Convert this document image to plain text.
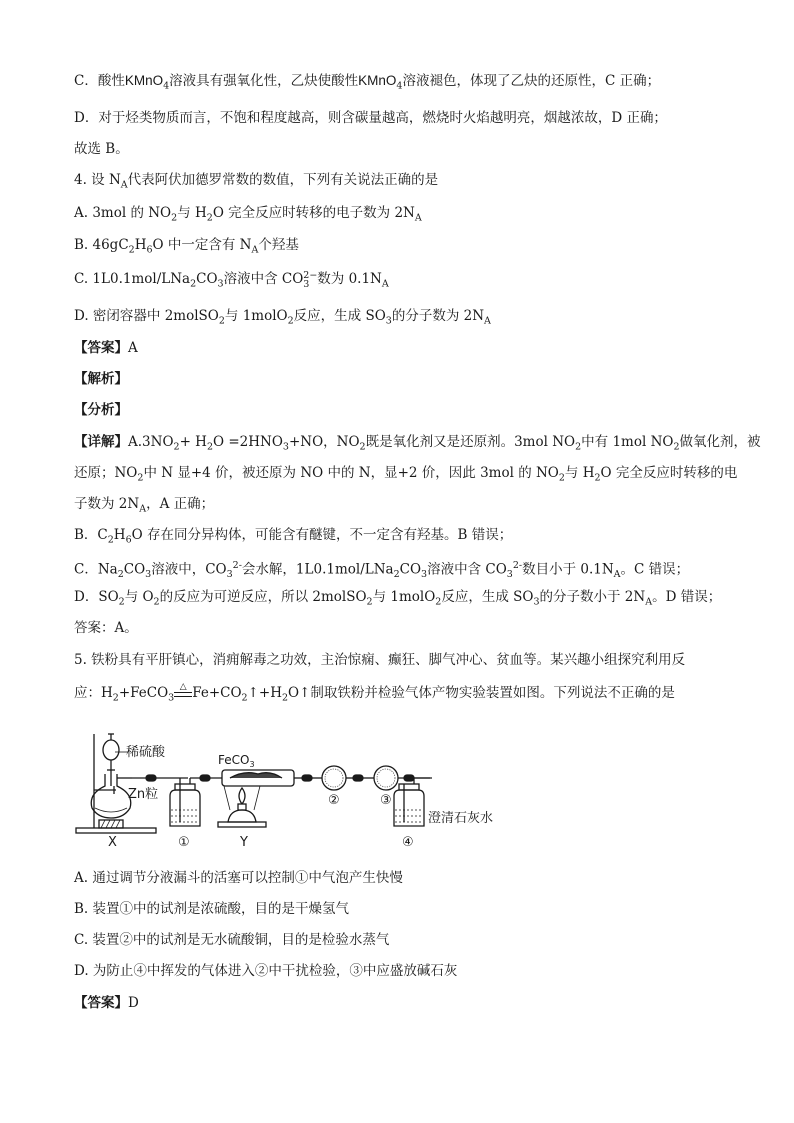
C．酸性KMnO$_4$溶液具有强氧化性，乙炔使酸性KMnO$_4$溶液褪色，体现了乙炔的还原性，C 正确；
D．对于烃类物质而言，不饱和程度越高，则含碳量越高，燃烧时火焰越明亮，烟越浓故，D 正确；
故选 B。
4. 设 $N_A$代表阿伏加德罗常数的数值，下列有关说法正确的是
A. 3mol 的 $NO_2$与 $H_2O$ 完全反应时转移的电子数为 $2N_A$
B. $46gC_2H_6O$ 中一定含有 $N_A$个羟基
C. $1L0.1mol/LNa_2CO_3$溶液中含 CO 2−
3 数为 $0.1N_A$
D. 密闭容器中 2molSO$_2$与 1molO$_2$反应，生成 $SO_3$的分子数为 $2N_A$
【答案】A
【解析】
【分析】
【详解】$A.3NO_2+ H_2O =2HNO_3+NO$，$NO_2$既是氧化剂又是还原剂。3mol $NO_2$中有 1mol $NO_2$做氧化剂，被
还原；$NO_2$中 N 显+4 价，被还原为 NO 中的 N，显+2 价，因此 3mol 的 $NO_2$与 $H_2O$ 完全反应时转移的电
子数为 $2N_A$，A 正确；
B．$C_2H_6O$ 存在同分异构体，可能含有醚键，不一定含有羟基。B 错误；
C．$Na_2CO_3$溶液中，$CO_3^{2-}$会水解，$1L0.1mol/LNa_2CO_3$溶液中含 $CO_3^{2-}$数目小于 $0.1N_A$。C 错误；
D．$SO_2$与 $O_2$的反应为可逆反应，所以 2molSO$_2$与 1molO$_2$反应，生成 $SO_3$的分子数小于 $2N_A$。D 错误；
答案：A。
5. 铁粉具有平肝镇心，消痈解毒之功效，主治惊痫、癫狂、脚气冲心、贫血等。某兴趣小组探究利用反
应：$H_2+FeCO_3$
△ $Fe+CO_2↑+H_2O↑$制取铁粉并检验气体产物实验装置如图。下列说法不正确的是
稀硫酸
Zn粒
FeCO$_3$
X	①	Y
②	③
④
澄清石灰水
A. 通过调节分液漏斗的活塞可以控制①中气泡产生快慢
B. 装置①中的试剂是浓硫酸，目的是干燥氢气
C. 装置②中的试剂是无水硫酸铜，目的是检验水蒸气
D. 为防止④中挥发的气体进入②中干扰检验，③中应盛放碱石灰
【答案】D
